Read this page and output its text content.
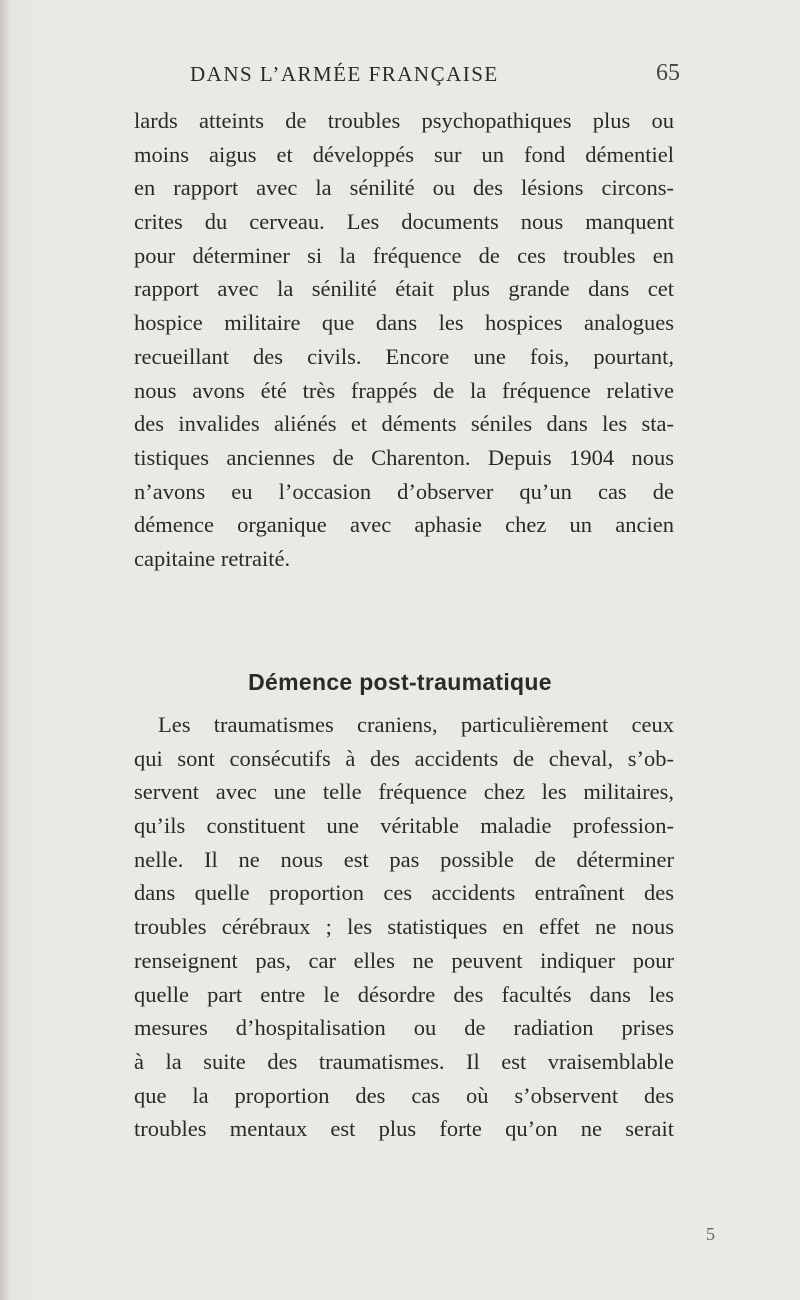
DANS L’ARMÉE FRANÇAISE	65
lards atteints de troubles psychopathiques plus ou
moins aigus et développés sur un fond démentiel
en rapport avec la sénilité ou des lésions circons-
crites du cerveau. Les documents nous manquent
pour déterminer si la fréquence de ces troubles en
rapport avec la sénilité était plus grande dans cet
hospice militaire que dans les hospices analogues
recueillant des civils. Encore une fois, pourtant,
nous avons été très frappés de la fréquence relative
des invalides aliénés et déments séniles dans les sta-
tistiques anciennes de Charenton. Depuis 1904 nous
n’avons eu l’occasion d’observer qu’un cas de
démence organique avec aphasie chez un ancien
capitaine retraité.
Démence post-traumatique
Les traumatismes craniens, particulièrement ceux
qui sont consécutifs à des accidents de cheval, s’ob-
servent avec une telle fréquence chez les militaires,
qu’ils constituent une véritable maladie profession-
nelle. Il ne nous est pas possible de déterminer
dans quelle proportion ces accidents entraînent des
troubles cérébraux ; les statistiques en effet ne nous
renseignent pas, car elles ne peuvent indiquer pour
quelle part entre le désordre des facultés dans les
mesures d’hospitalisation ou de radiation prises
à la suite des traumatismes. Il est vraisemblable
que la proportion des cas où s’observent des
troubles mentaux est plus forte qu’on ne serait
5
